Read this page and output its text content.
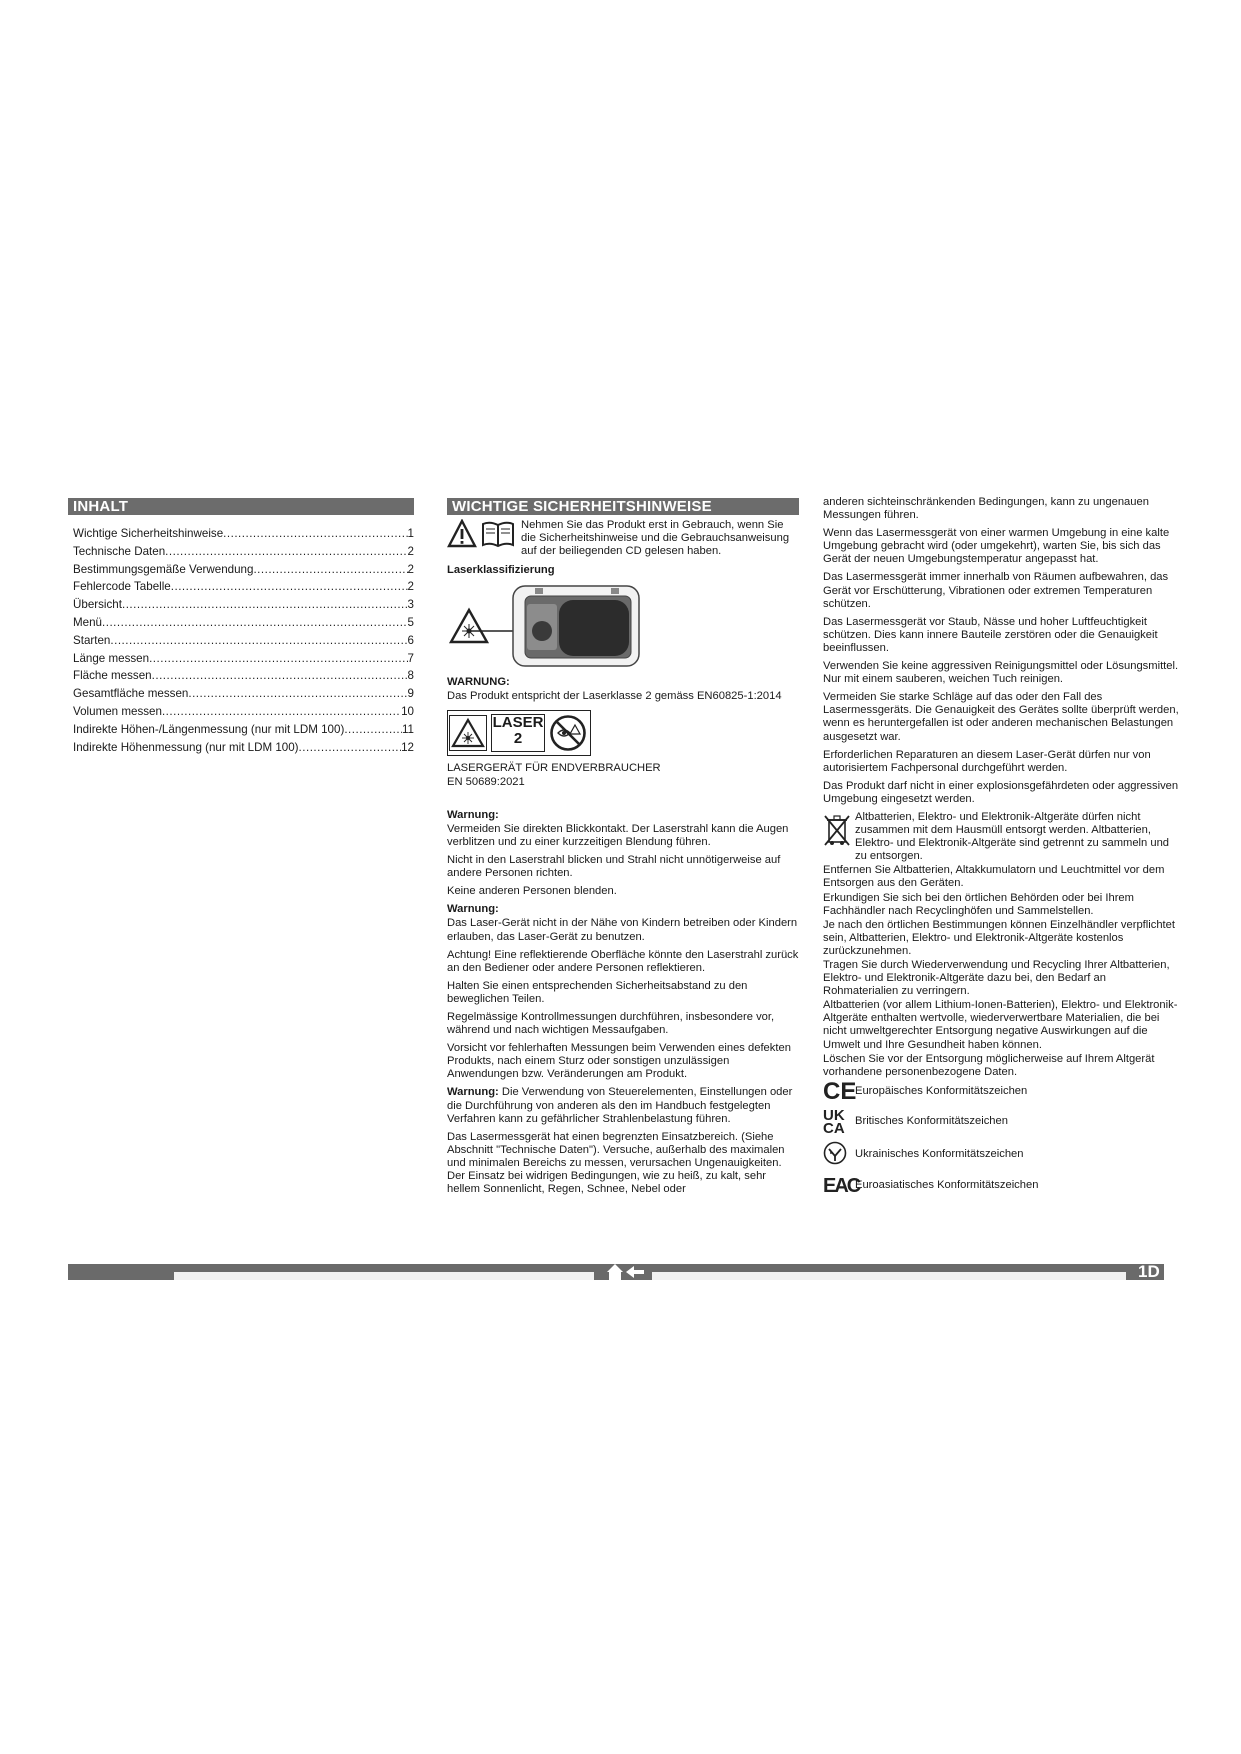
INHALT
Wichtige Sicherheitshinweise .....	1
Technische Daten .....	2
Bestimmungsgemäße Verwendung .....	2
Fehlercode Tabelle .....	2
Übersicht .....	3
Menü .....	5
Starten .....	6
Länge messen .....	7
Fläche messen .....	8
Gesamtfläche messen .....	9
Volumen messen .....	10
Indirekte Höhen-/Längenmessung (nur mit LDM 100) .....	11
Indirekte Höhenmessung (nur mit LDM 100) .....	12
WICHTIGE SICHERHEITSHINWEISE
Nehmen Sie das Produkt erst in Gebrauch, wenn Sie die Sicherheitshinweise und die Gebrauchsanweisung auf der beiliegenden CD gelesen haben.
Laserklassifizierung
WARNUNG:
Das Produkt entspricht der Laserklasse 2 gemäss EN60825-1:2014
LASER
2
LASERGERÄT FÜR ENDVERBRAUCHER
EN 50689:2021
Warnung:
Vermeiden Sie direkten Blickkontakt. Der Laserstrahl kann die Augen verblitzen und zu einer kurzzeitigen Blendung führen.
Nicht in den Laserstrahl blicken und Strahl nicht unnötigerweise auf andere Personen richten.
Keine anderen Personen blenden.
Warnung:
Das Laser-Gerät nicht in der Nähe von Kindern betreiben oder Kindern erlauben, das Laser-Gerät zu benutzen.
Achtung! Eine reflektierende Oberfläche könnte den Laserstrahl zurück an den Bediener oder andere Personen reflektieren.
Halten Sie einen entsprechenden Sicherheitsabstand zu den beweglichen Teilen.
Regelmässige Kontrollmessungen durchführen, insbesondere vor, während und nach wichtigen Messaufgaben.
Vorsicht vor fehlerhaften Messungen beim Verwenden eines defekten Produkts, nach einem Sturz oder sonstigen unzulässigen Anwendungen bzw. Veränderungen am Produkt.
Warnung: Die Verwendung von Steuerelementen, Einstellungen oder die Durchführung von anderen als den im Handbuch festgelegten Verfahren kann zu gefährlicher Strahlenbelastung führen.
Das Lasermessgerät hat einen begrenzten Einsatzbereich. (Siehe Abschnitt "Technische Daten"). Versuche, außerhalb des maximalen und minimalen Bereichs zu messen, verursachen Ungenauigkeiten. Der Einsatz bei widrigen Bedingungen, wie zu heiß, zu kalt, sehr hellem Sonnenlicht, Regen, Schnee, Nebel oder
anderen sichteinschränkenden Bedingungen, kann zu ungenauen Messungen führen.
Wenn das Lasermessgerät von einer warmen Umgebung in eine kalte Umgebung gebracht wird (oder umgekehrt), warten Sie, bis sich das Gerät der neuen Umgebungstemperatur angepasst hat.
Das Lasermessgerät immer innerhalb von Räumen aufbewahren, das Gerät vor Erschütterung, Vibrationen oder extremen Temperaturen schützen.
Das Lasermessgerät vor Staub, Nässe und hoher Luftfeuchtigkeit schützen. Dies kann innere Bauteile zerstören oder die Genauigkeit beeinflussen.
Verwenden Sie keine aggressiven Reinigungsmittel oder Lösungsmittel. Nur mit einem sauberen, weichen Tuch reinigen.
Vermeiden Sie starke Schläge auf das oder den Fall des Lasermessgeräts. Die Genauigkeit des Gerätes sollte überprüft werden, wenn es heruntergefallen ist oder anderen mechanischen Belastungen ausgesetzt war.
Erforderlichen Reparaturen an diesem Laser-Gerät dürfen nur von autorisiertem Fachpersonal durchgeführt werden.
Das Produkt darf nicht in einer explosionsgefährdeten oder aggressiven Umgebung eingesetzt werden.
Altbatterien, Elektro- und Elektronik-Altgeräte dürfen nicht zusammen mit dem Hausmüll entsorgt werden. Altbatterien, Elektro- und Elektronik-Altgeräte sind getrennt zu sammeln und zu entsorgen.
Entfernen Sie Altbatterien, Altakkumulatorn und Leuchtmittel vor dem Entsorgen aus den Geräten.
Erkundigen Sie sich bei den örtlichen Behörden oder bei Ihrem Fachhändler nach Recyclinghöfen und Sammelstellen.
Je nach den örtlichen Bestimmungen können Einzelhändler verpflichtet sein, Altbatterien, Elektro- und Elektronik-Altgeräte kostenlos zurückzunehmen.
Tragen Sie durch Wiederverwendung und Recycling Ihrer Altbatterien, Elektro- und Elektronik-Altgeräte dazu bei, den Bedarf an Rohmaterialien zu verringern.
Altbatterien (vor allem Lithium-Ionen-Batterien), Elektro- und Elektronik-Altgeräte enthalten wertvolle, wiederverwertbare Materialien, die bei nicht umweltgerechter Entsorgung negative Auswirkungen auf die Umwelt und Ihre Gesundheit haben können.
Löschen Sie vor der Entsorgung möglicherweise auf Ihrem Altgerät vorhandene personenbezogene Daten.
CE
Europäisches Konformitätszeichen
UK
CA Britisches Konformitätszeichen
Ukrainisches Konformitätszeichen
EAC
Euroasiatisches Konformitätszeichen
1D
